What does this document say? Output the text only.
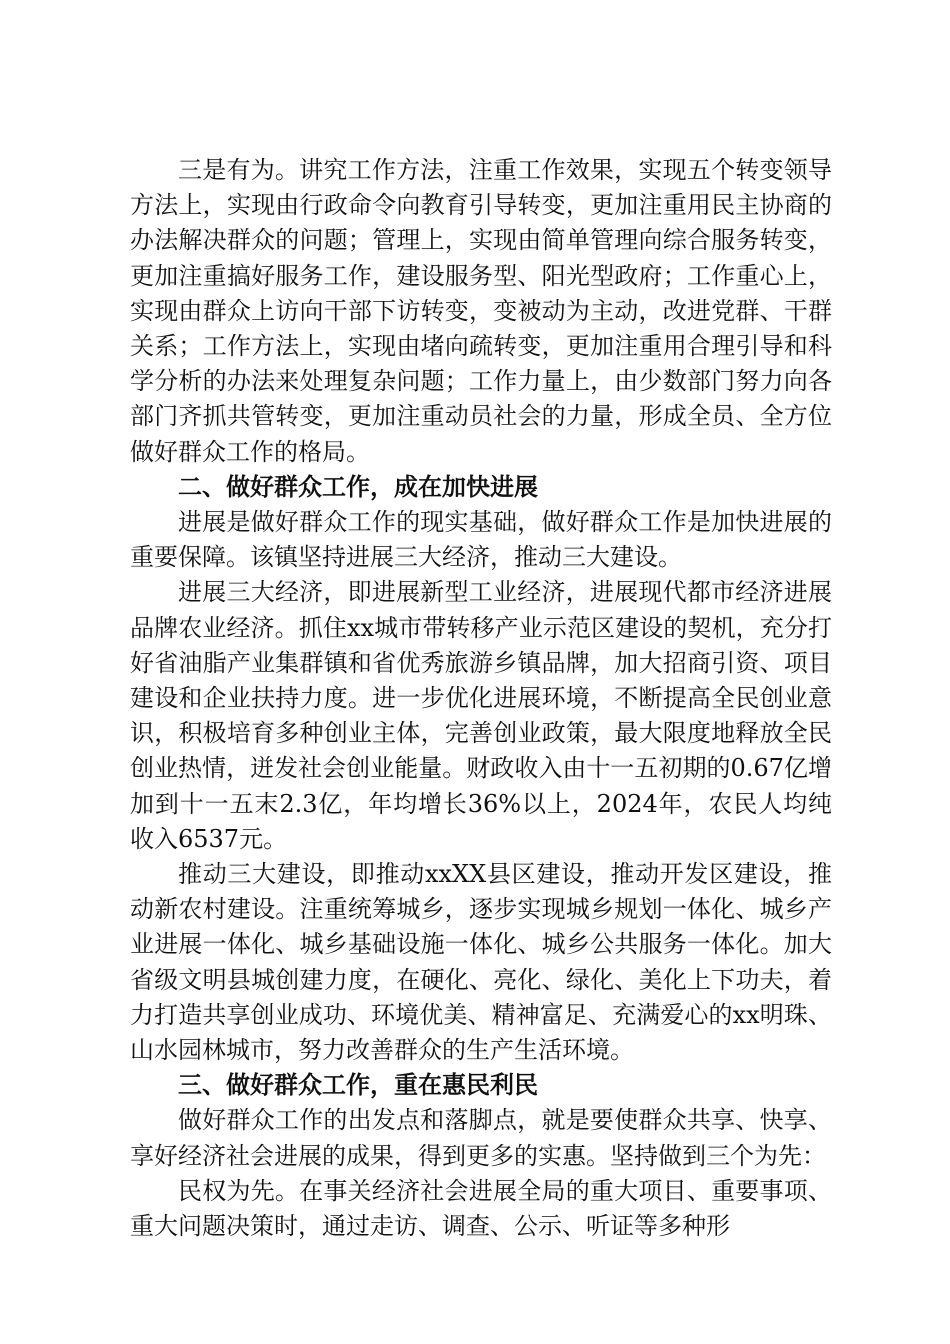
三是有为。讲究工作方法，注重工作效果，实现五个转变领导方法上，实现由行政命令向教育引导转变，更加注重用民主协商的办法解决群众的问题；管理上，实现由简单管理向综合服务转变，更加注重搞好服务工作，建设服务型、阳光型政府；工作重心上，实现由群众上访向干部下访转变，变被动为主动，改进党群、干群关系；工作方法上，实现由堵向疏转变，更加注重用合理引导和科学分析的办法来处理复杂问题；工作力量上，由少数部门努力向各部门齐抓共管转变，更加注重动员社会的力量，形成全员、全方位做好群众工作的格局。

二、做好群众工作，成在加快进展

进展是做好群众工作的现实基础，做好群众工作是加快进展的重要保障。该镇坚持进展三大经济，推动三大建设。

进展三大经济，即进展新型工业经济，进展现代都市经济进展品牌农业经济。抓住xx城市带转移产业示范区建设的契机，充分打好省油脂产业集群镇和省优秀旅游乡镇品牌，加大招商引资、项目建设和企业扶持力度。进一步优化进展环境，不断提高全民创业意识，积极培育多种创业主体，完善创业政策，最大限度地释放全民创业热情，迸发社会创业能量。财政收入由十一五初期的0.67亿增加到十一五末2.3亿，年均增长36%以上，2024年，农民人均纯收入6537元。

推动三大建设，即推动xxXX县区建设，推动开发区建设，推动新农村建设。注重统筹城乡，逐步实现城乡规划一体化、城乡产业进展一体化、城乡基础设施一体化、城乡公共服务一体化。加大省级文明县城创建力度，在硬化、亮化、绿化、美化上下功夫，着力打造共享创业成功、环境优美、精神富足、充满爱心的xx明珠、山水园林城市，努力改善群众的生产生活环境。

三、做好群众工作，重在惠民利民

做好群众工作的出发点和落脚点，就是要使群众共享、快享、享好经济社会进展的成果，得到更多的实惠。坚持做到三个为先：

民权为先。在事关经济社会进展全局的重大项目、重要事项、重大问题决策时，通过走访、调查、公示、听证等多种形
